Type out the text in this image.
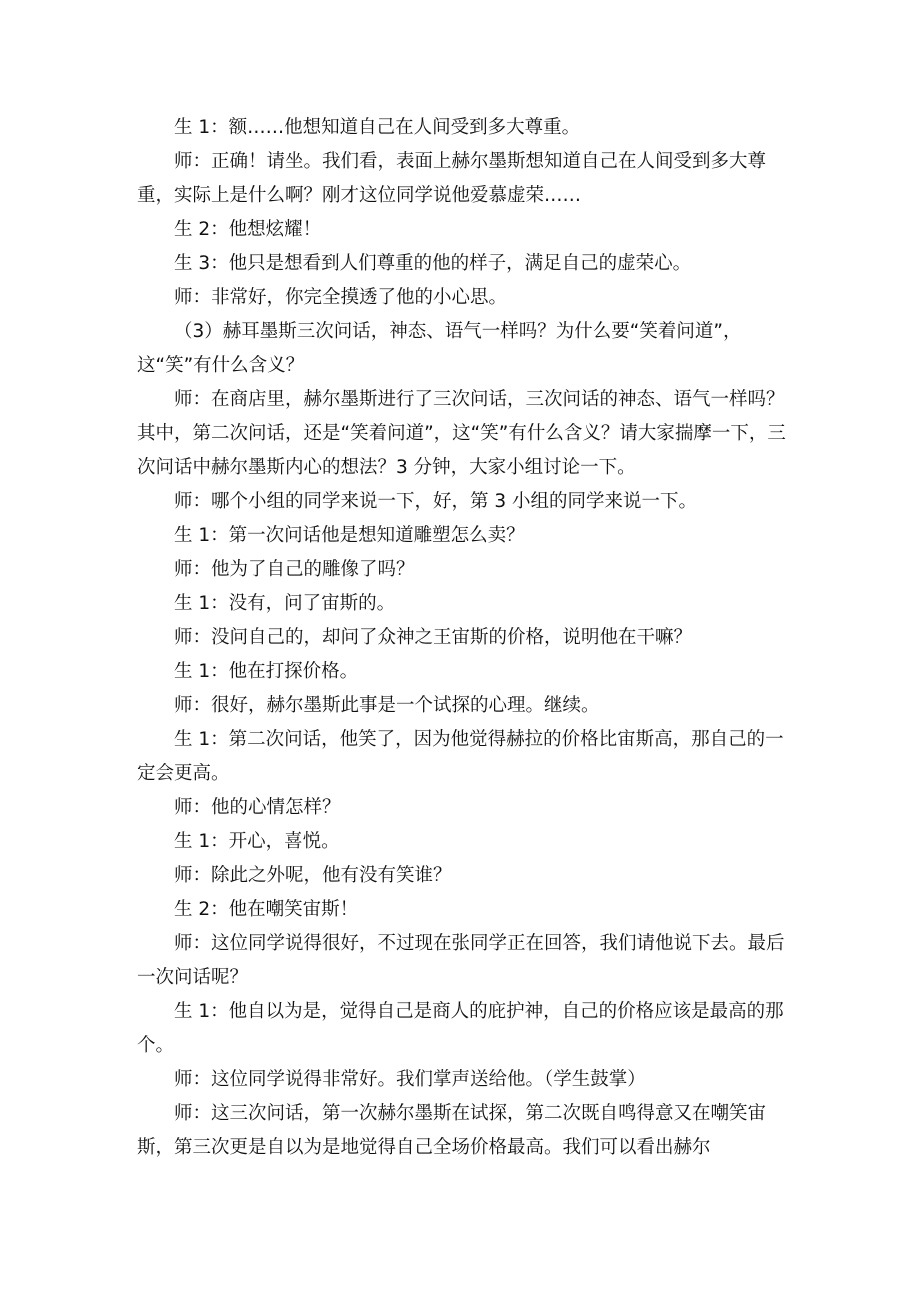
生 1：额……他想知道自己在人间受到多大尊重。

师：正确！请坐。我们看，表面上赫尔墨斯想知道自己在人间受到多大尊重，实际上是什么啊？刚才这位同学说他爱慕虚荣……

生 2：他想炫耀！

生 3：他只是想看到人们尊重的他的样子，满足自己的虚荣心。

师：非常好，你完全摸透了他的小心思。

（3）赫耳墨斯三次问话，神态、语气一样吗？为什么要“笑着问道”，这“笑”有什么含义？

师：在商店里，赫尔墨斯进行了三次问话，三次问话的神态、语气一样吗？其中，第二次问话，还是“笑着问道”，这“笑”有什么含义？请大家揣摩一下，三次问话中赫尔墨斯内心的想法？3 分钟，大家小组讨论一下。

师：哪个小组的同学来说一下，好，第 3 小组的同学来说一下。

生 1：第一次问话他是想知道雕塑怎么卖？

师：他为了自己的雕像了吗？

生 1：没有，问了宙斯的。

师：没问自己的，却问了众神之王宙斯的价格，说明他在干嘛？

生 1：他在打探价格。

师：很好，赫尔墨斯此事是一个试探的心理。继续。

生 1：第二次问话，他笑了，因为他觉得赫拉的价格比宙斯高，那自己的一定会更高。

师：他的心情怎样？

生 1：开心，喜悦。

师：除此之外呢，他有没有笑谁？

生 2：他在嘲笑宙斯！

师：这位同学说得很好，不过现在张同学正在回答，我们请他说下去。最后一次问话呢？

生 1：他自以为是，觉得自己是商人的庇护神，自己的价格应该是最高的那个。

师：这位同学说得非常好。我们掌声送给他。（学生鼓掌）

师：这三次问话，第一次赫尔墨斯在试探，第二次既自鸣得意又在嘲笑宙斯，第三次更是自以为是地觉得自己全场价格最高。我们可以看出赫尔
